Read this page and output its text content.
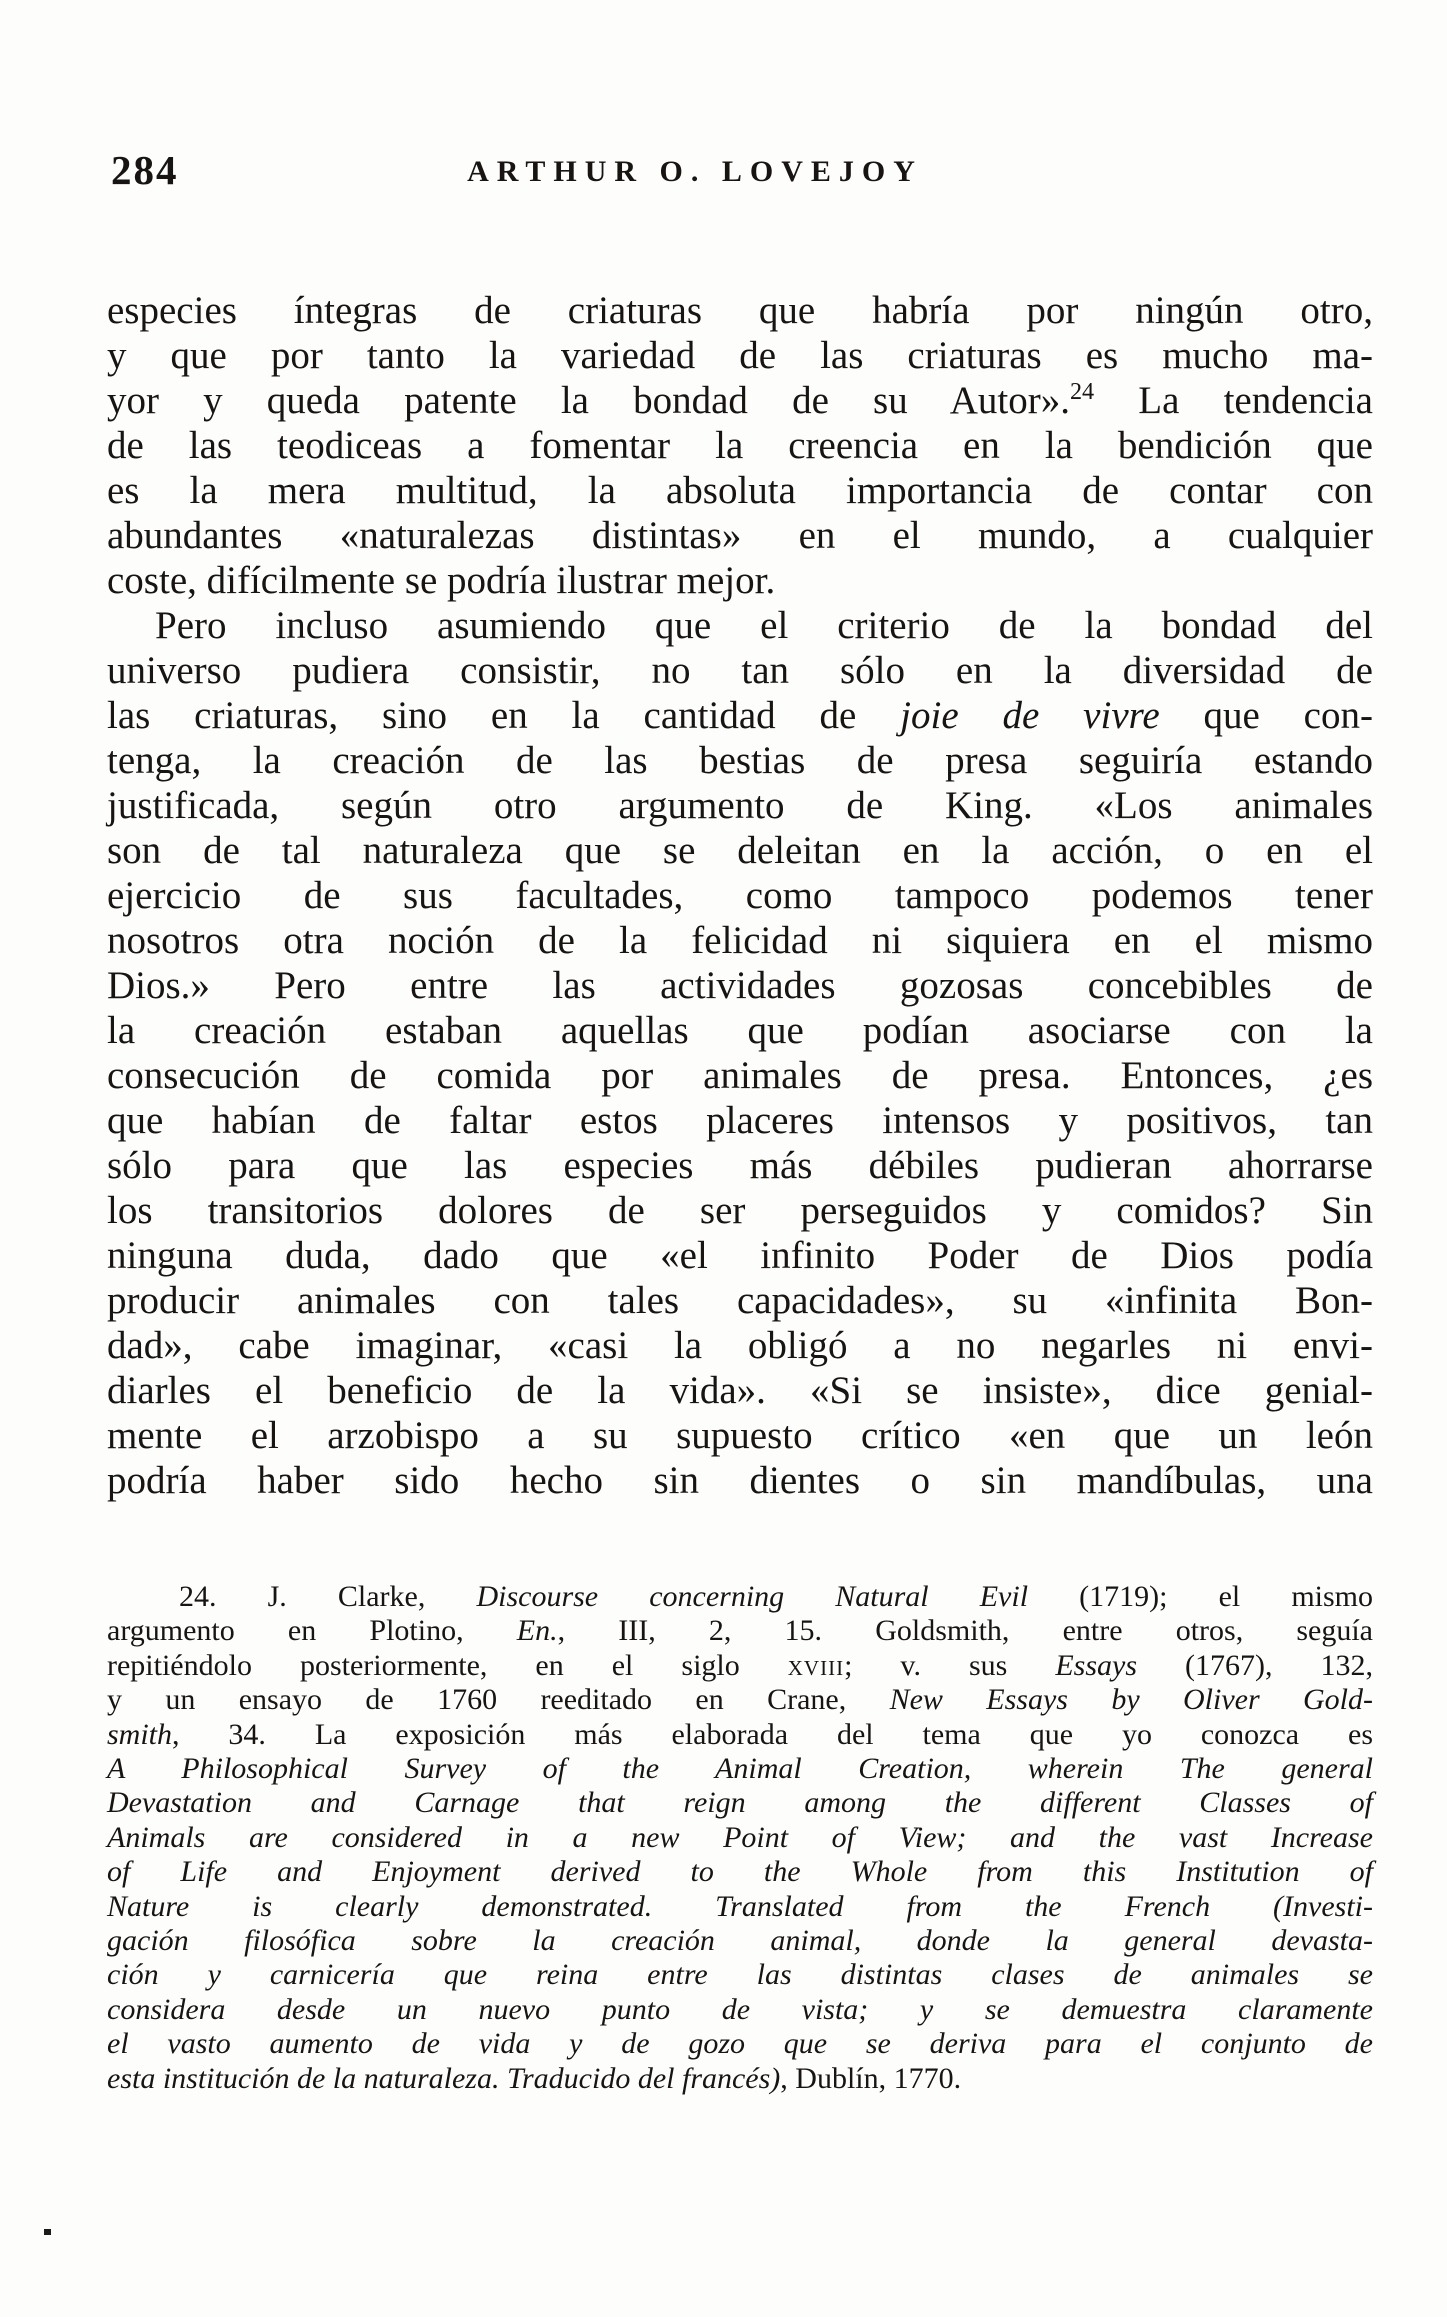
284	ARTHUR O. LOVEJOY
especies íntegras de criaturas que habría por ningún otro,
y que por tanto la variedad de las criaturas es mucho ma-
yor y queda patente la bondad de su Autor».$^{24}$ La tendencia
de las teodiceas a fomentar la creencia en la bendición que
es la mera multitud, la absoluta importancia de contar con
abundantes «naturalezas distintas» en el mundo, a cualquier
coste, difícilmente se podría ilustrar mejor.
Pero incluso asumiendo que el criterio de la bondad del
universo pudiera consistir, no tan sólo en la diversidad de
las criaturas, sino en la cantidad de joie de vivre que con-
tenga, la creación de las bestias de presa seguiría estando
justificada, según otro argumento de King. «Los animales
son de tal naturaleza que se deleitan en la acción, o en el
ejercicio de sus facultades, como tampoco podemos tener
nosotros otra noción de la felicidad ni siquiera en el mismo
Dios.» Pero entre las actividades gozosas concebibles de
la creación estaban aquellas que podían asociarse con la
consecución de comida por animales de presa. Entonces, ¿es
que habían de faltar estos placeres intensos y positivos, tan
sólo para que las especies más débiles pudieran ahorrarse
los transitorios dolores de ser perseguidos y comidos? Sin
ninguna duda, dado que «el infinito Poder de Dios podía
producir animales con tales capacidades», su «infinita Bon-
dad», cabe imaginar, «casi la obligó a no negarles ni envi-
diarles el beneficio de la vida». «Si se insiste», dice genial-
mente el arzobispo a su supuesto crítico «en que un león
podría haber sido hecho sin dientes o sin mandíbulas, una
24. J. Clarke, Discourse concerning Natural Evil (1719); el mismo
argumento en Plotino, En., III, 2, 15. Goldsmith, entre otros, seguía
repitiéndolo posteriormente, en el siglo xviii; v. sus Essays (1767), 132,
y un ensayo de 1760 reeditado en Crane, New Essays by Oliver Gold-
smith, 34. La exposición más elaborada del tema que yo conozca es
A Philosophical Survey of the Animal Creation, wherein The general
Devastation and Carnage that reign among the different Classes of
Animals are considered in a new Point of View; and the vast Increase
of Life and Enjoyment derived to the Whole from this Institution of
Nature is clearly demonstrated. Translated from the French (Investi-
gación filosófica sobre la creación animal, donde la general devasta-
ción y carnicería que reina entre las distintas clases de animales se
considera desde un nuevo punto de vista; y se demuestra claramente
el vasto aumento de vida y de gozo que se deriva para el conjunto de
esta institución de la naturaleza. Traducido del francés), Dublín, 1770.
